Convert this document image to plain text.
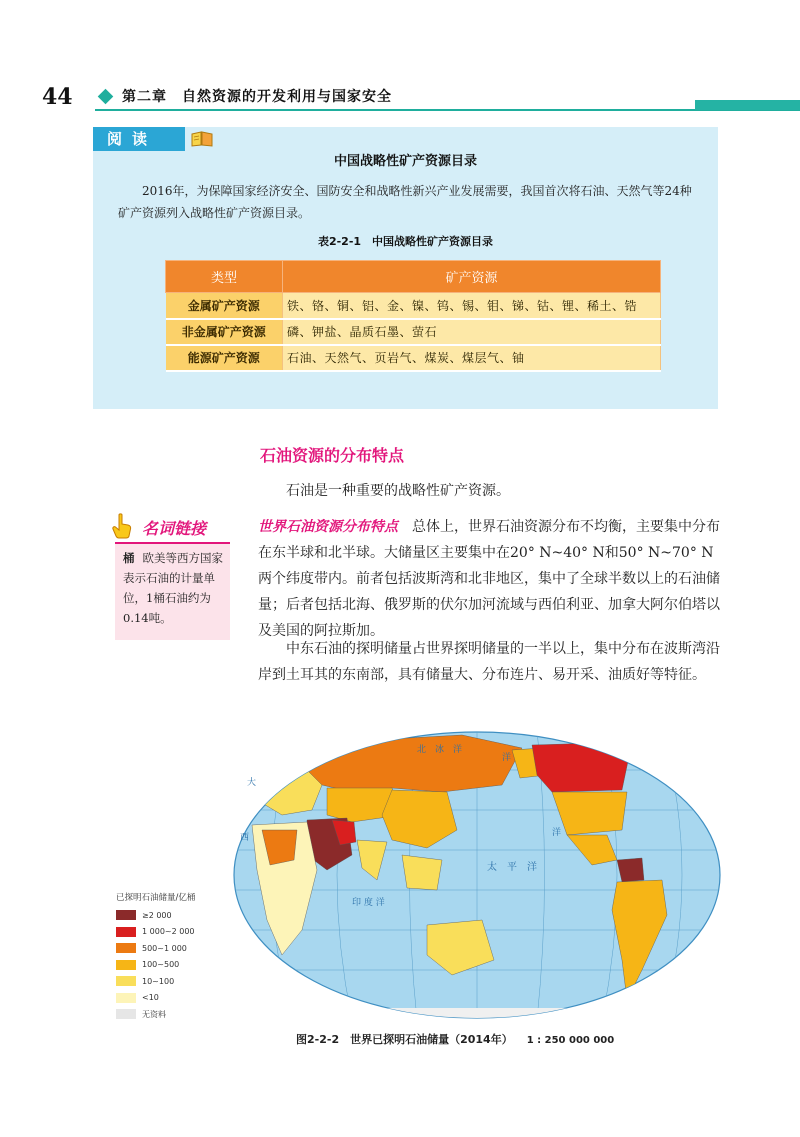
44	第二章　自然资源的开发利用与国家安全
阅读
中国战略性矿产资源目录
2016年，为保障国家经济安全、国防安全和战略性新兴产业发展需要，我国首次将石油、天然气等24种矿产资源列入战略性矿产资源目录。
表2-2-1　中国战略性矿产资源目录
类型	矿产资源
金属矿产资源	铁、铬、铜、铝、金、镍、钨、锡、钼、锑、钴、锂、稀土、锆
非金属矿产资源	磷、钾盐、晶质石墨、萤石
能源矿产资源	石油、天然气、页岩气、煤炭、煤层气、铀
石油资源的分布特点
石油是一种重要的战略性矿产资源。
世界石油资源分布特点　总体上，世界石油资源分布不均衡，主要集中分布在东半球和北半球。大储量区主要集中在20° N~40° N和50° N~70° N两个纬度带内。前者包括波斯湾和北非地区，集中了全球半数以上的石油储量；后者包括北海、俄罗斯的伏尔加河流域与西伯利亚、加拿大阿尔伯塔以及美国的阿拉斯加。
中东石油的探明储量占世界探明储量的一半以上，集中分布在波斯湾沿岸到土耳其的东南部，具有储量大、分布连片、易开采、油质好等特征。
名词链接
桶 欧美等西方国家表示石油的计量单位，1桶石油约为0.14吨。
北　冰　洋
洋
西
大
太　平　洋
印 度 洋
洋
已探明石油储量/亿桶
≥2 000
1 000~2 000
500~1 000
100~500
10~100
<10
无资料
图2-2-2　世界已探明石油储量（2014年） 1 : 250 000 000
